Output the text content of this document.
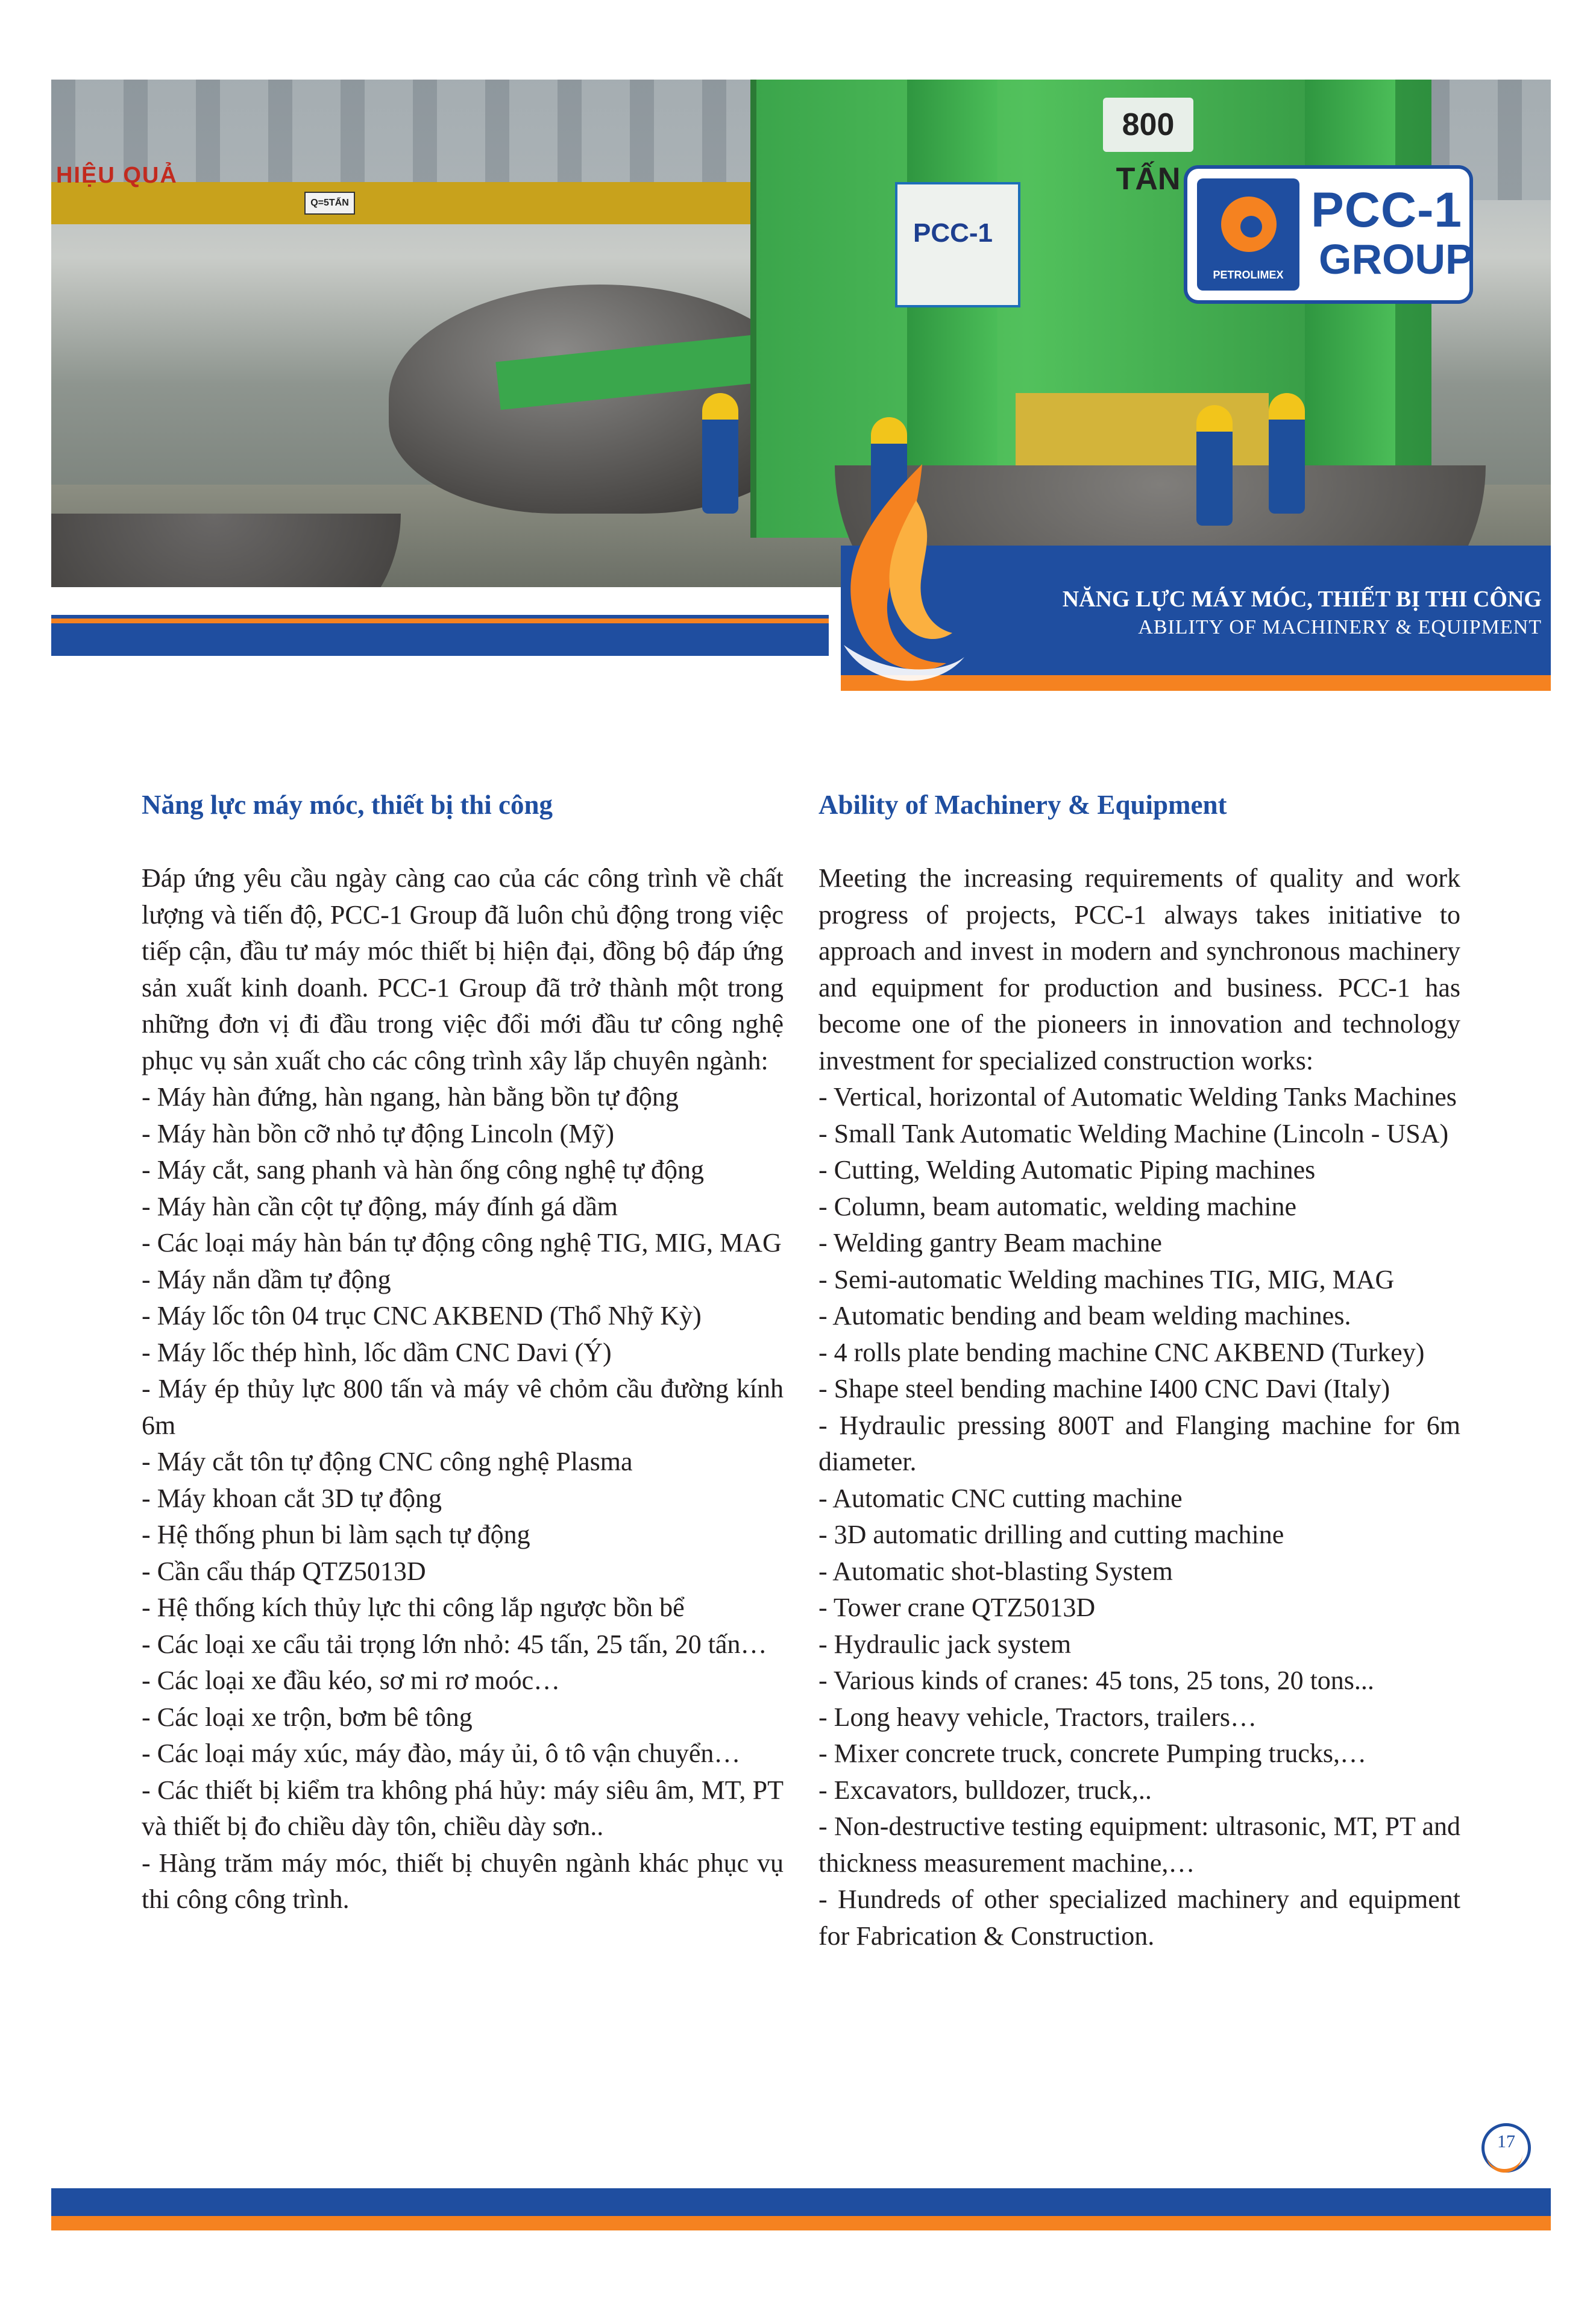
HIỆU QUẢ
Q=5TẤN
PCC-1
800 TẤN
PETROLIMEX
PCC-1
GROUP
NĂNG LỰC MÁY MÓC, THIẾT BỊ THI CÔNG
ABILITY OF MACHINERY & EQUIPMENT
Năng lực máy móc, thiết bị thi công

Đáp ứng yêu cầu ngày càng cao của các công trình về chất lượng và tiến độ, PCC-1 Group đã luôn chủ động trong việc tiếp cận, đầu tư máy móc thiết bị hiện đại, đồng bộ đáp ứng sản xuất kinh doanh. PCC-1 Group đã trở thành một trong những đơn vị đi đầu trong việc đổi mới đầu tư công nghệ phục vụ sản xuất cho các công trình xây lắp chuyên ngành:

- Máy hàn đứng, hàn ngang, hàn bằng bồn tự động
- Máy hàn bồn cỡ nhỏ tự động Lincoln (Mỹ)
- Máy cắt, sang phanh và hàn ống công nghệ tự động
- Máy hàn cần cột tự động, máy đính gá dầm
- Các loại máy hàn bán tự động công nghệ TIG, MIG, MAG
- Máy nắn dầm tự động
- Máy lốc tôn 04 trục CNC AKBEND (Thổ Nhỹ Kỳ)
- Máy lốc thép hình, lốc dầm CNC Davi (Ý)
- Máy ép thủy lực 800 tấn và máy vê chỏm cầu đường kính 6m
- Máy cắt tôn tự động CNC công nghệ Plasma
- Máy khoan cắt 3D tự động
- Hệ thống phun bi làm sạch tự động
- Cần cẩu tháp QTZ5013D
- Hệ thống kích thủy lực thi công lắp ngược bồn bể
- Các loại xe cẩu tải trọng lớn nhỏ: 45 tấn, 25 tấn, 20 tấn…
- Các loại xe đầu kéo, sơ mi rơ moóc…
- Các loại xe trộn, bơm bê tông
- Các loại máy xúc, máy đào, máy ủi, ô tô vận chuyển…
- Các thiết bị kiểm tra không phá hủy: máy siêu âm, MT, PT và thiết bị đo chiều dày tôn, chiều dày sơn..
- Hàng trăm máy móc, thiết bị chuyên ngành khác phục vụ thi công công trình.
Ability of Machinery & Equipment

Meeting the increasing requirements of quality and work progress of projects, PCC-1 always takes initiative to approach and invest in modern and synchronous machinery and equipment for production and business. PCC-1 has become one of the pioneers in innovation and technology investment for specialized construction works:

- Vertical, horizontal of Automatic Welding Tanks Machines
- Small Tank Automatic Welding Machine (Lincoln - USA)
- Cutting, Welding Automatic Piping machines
- Column, beam automatic, welding machine
- Welding gantry Beam machine
- Semi-automatic Welding machines TIG, MIG, MAG
- Automatic bending and beam welding machines.
- 4 rolls plate bending machine CNC AKBEND (Turkey)
- Shape steel bending machine I400 CNC Davi (Italy)
- Hydraulic pressing 800T and Flanging machine for 6m diameter.
- Automatic CNC cutting machine
- 3D automatic drilling and cutting machine
- Automatic shot-blasting System
- Tower crane QTZ5013D
- Hydraulic jack system
- Various kinds of cranes: 45 tons, 25 tons, 20 tons...
- Long heavy vehicle, Tractors, trailers…
- Mixer concrete truck, concrete Pumping trucks,…
- Excavators, bulldozer, truck,..
- Non-destructive testing equipment: ultrasonic, MT, PT and thickness measurement machine,…
- Hundreds of other specialized machinery and equipment for Fabrication & Construction.
17
